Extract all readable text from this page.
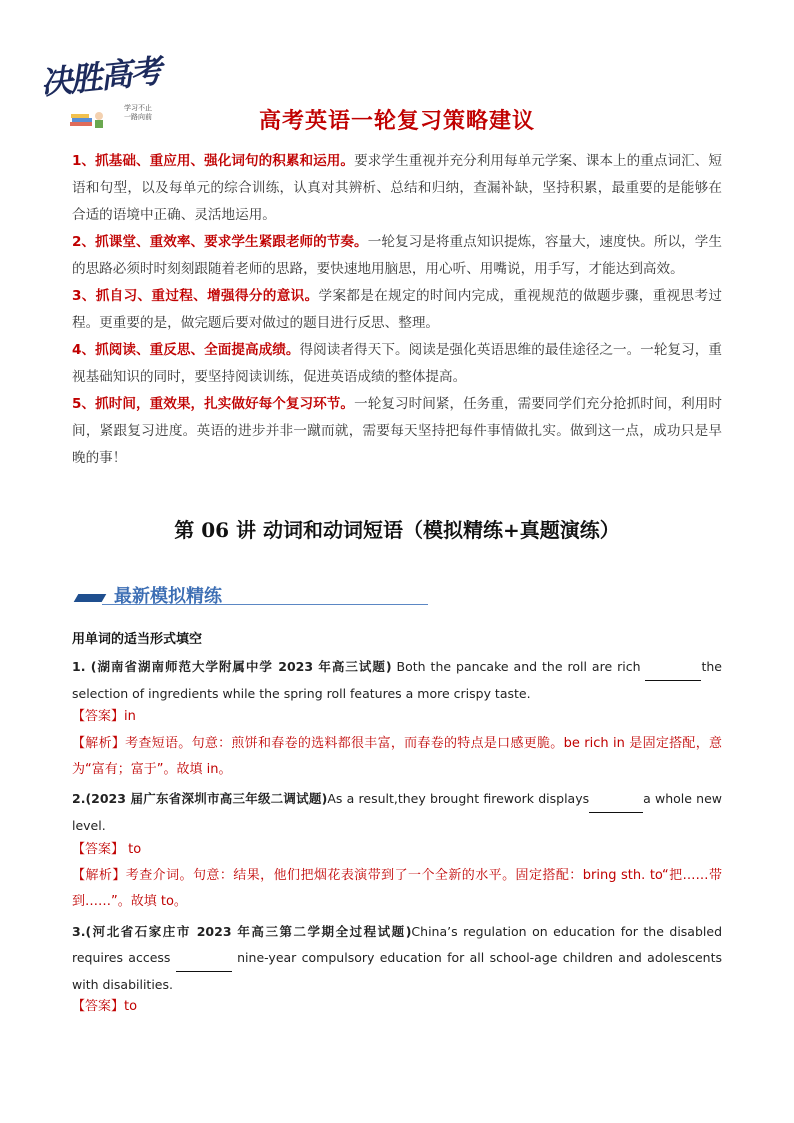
决胜高考
学习不止
一路向前	高考英语一轮复习策略建议

1、抓基础、重应用、强化词句的积累和运用。要求学生重视并充分利用每单元学案、课本上的重点词汇、短语和句型，以及每单元的综合训练，认真对其辨析、总结和归纳，查漏补缺，坚持积累，最重要的是能够在合适的语境中正确、灵活地运用。

2、抓课堂、重效率、要求学生紧跟老师的节奏。一轮复习是将重点知识提炼，容量大，速度快。所以，学生的思路必须时时刻刻跟随着老师的思路，要快速地用脑思，用心听、用嘴说，用手写，才能达到高效。

3、抓自习、重过程、增强得分的意识。学案都是在规定的时间内完成，重视规范的做题步骤，重视思考过程。更重要的是，做完题后要对做过的题目进行反思、整理。

4、抓阅读、重反思、全面提高成绩。得阅读者得天下。阅读是强化英语思维的最佳途径之一。一轮复习，重视基础知识的同时，要坚持阅读训练，促进英语成绩的整体提高。

5、抓时间，重效果，扎实做好每个复习环节。一轮复习时间紧，任务重，需要同学们充分抢抓时间，利用时间，紧跟复习进度。英语的进步并非一蹴而就，需要每天坚持把每件事情做扎实。做到这一点，成功只是早晚的事！

第 06 讲 动词和动词短语（模拟精练+真题演练）
最新模拟精练
用单词的适当形式填空
1. (湖南省湖南师范大学附属中学 2023 年高三试题) Both the pancake and the roll are rich	the selection of ingredients while the spring roll features a more crispy taste.
【答案】in
【解析】考查短语。句意：煎饼和春卷的选料都很丰富，而春卷的特点是口感更脆。be rich in 是固定搭配，意为“富有；富于”。故填 in。
2.(2023 届广东省深圳市高三年级二调试题)As a result,they brought firework displays	a whole new level.
【答案】 to
【解析】考查介词。句意：结果，他们把烟花表演带到了一个全新的水平。固定搭配：bring sth. to“把……带到……”。故填 to。
3.(河北省石家庄市 2023 年高三第二学期全过程试题)China’s regulation on education for the disabled requires access	nine-year compulsory education for all school-age children and adolescents with disabilities.
【答案】to
